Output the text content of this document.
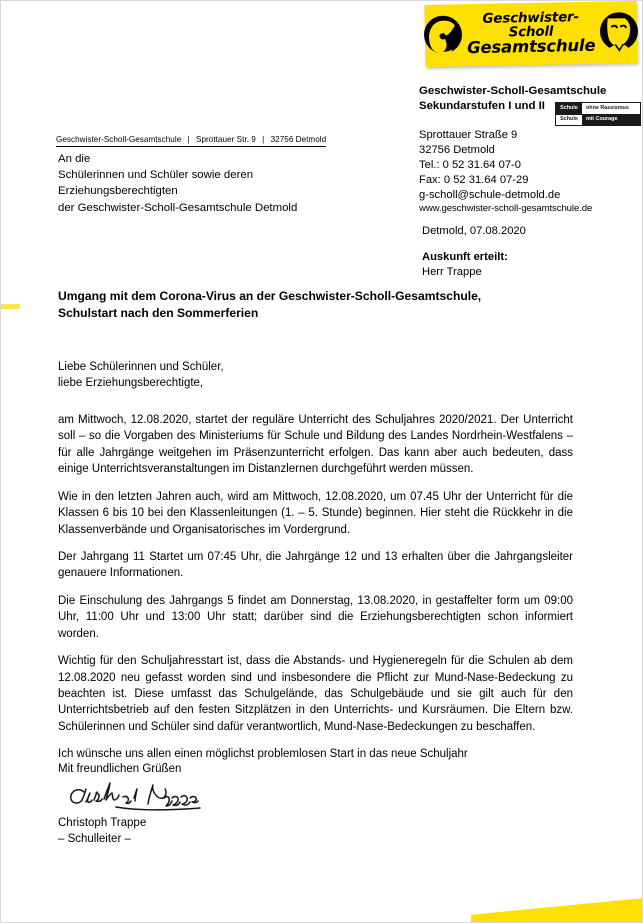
Geschwister-Scholl
Gesamtschule
Geschwister-Scholl-Gesamtschule
Sekundarstufen I und II
Sprottauer Straße 9
32756 Detmold
Tel.: 0 52 31.64 07-0
Fax: 0 52 31.64 07-29
g-scholl@schule-detmold.de
www.geschwister-scholl-gesamtschule.de
Detmold, 07.08.2020
Auskunft erteilt:
Herr Trappe
Schule	ohne Rassismus
Schule	mit Courage
Geschwister-Scholl-Gesamtschule | Sprottauer Str. 9 | 32756 Detmold
An die
Schülerinnen und Schüler sowie deren
Erziehungsberechtigten
der Geschwister-Scholl-Gesamtschule Detmold
Umgang mit dem Corona-Virus an der Geschwister-Scholl-Gesamtschule,
Schulstart nach den Sommerferien
Liebe Schülerinnen und Schüler,
liebe Erziehungsberechtigte,

am Mittwoch, 12.08.2020, startet der reguläre Unterricht des Schuljahres 2020/2021. Der Unterricht soll – so die Vorgaben des Ministeriums für Schule und Bildung des Landes Nordrhein-Westfalens – für alle Jahrgänge weitgehen im Präsenzunterricht erfolgen. Das kann aber auch bedeuten, dass einige Unterrichtsveranstaltungen im Distanzlernen durchgeführt werden müssen.

Wie in den letzten Jahren auch, wird am Mittwoch, 12.08.2020, um 07.45 Uhr der Unterricht für die Klassen 6 bis 10 bei den Klassenleitungen (1. – 5. Stunde) beginnen. Hier steht die Rückkehr in die Klassenverbände und Organisatorisches im Vordergrund.

Der Jahrgang 11 Startet um 07:45 Uhr, die Jahrgänge 12 und 13 erhalten über die Jahrgangsleiter genauere Informationen.

Die Einschulung des Jahrgangs 5 findet am Donnerstag, 13.08.2020, in gestaffelter form um 09:00 Uhr, 11:00 Uhr und 13:00 Uhr statt; darüber sind die Erziehungsberechtigten schon informiert worden.

Wichtig für den Schuljahresstart ist, dass die Abstands- und Hygieneregeln für die Schulen ab dem 12.08.2020 neu gefasst worden sind und insbesondere die Pflicht zur Mund-Nase-Bedeckung zu beachten ist. Diese umfasst das Schulgelände, das Schulgebäude und sie gilt auch für den Unterrichtsbetrieb auf den festen Sitzplätzen in den Unterrichts- und Kursräumen. Die Eltern bzw. Schülerinnen und Schüler sind dafür verantwortlich, Mund-Nase-Bedeckungen zu beschaffen.

Ich wünsche uns allen einen möglichst problemlosen Start in das neue Schuljahr

Mit freundlichen Grüßen
Christoph Trappe
– Schulleiter –
